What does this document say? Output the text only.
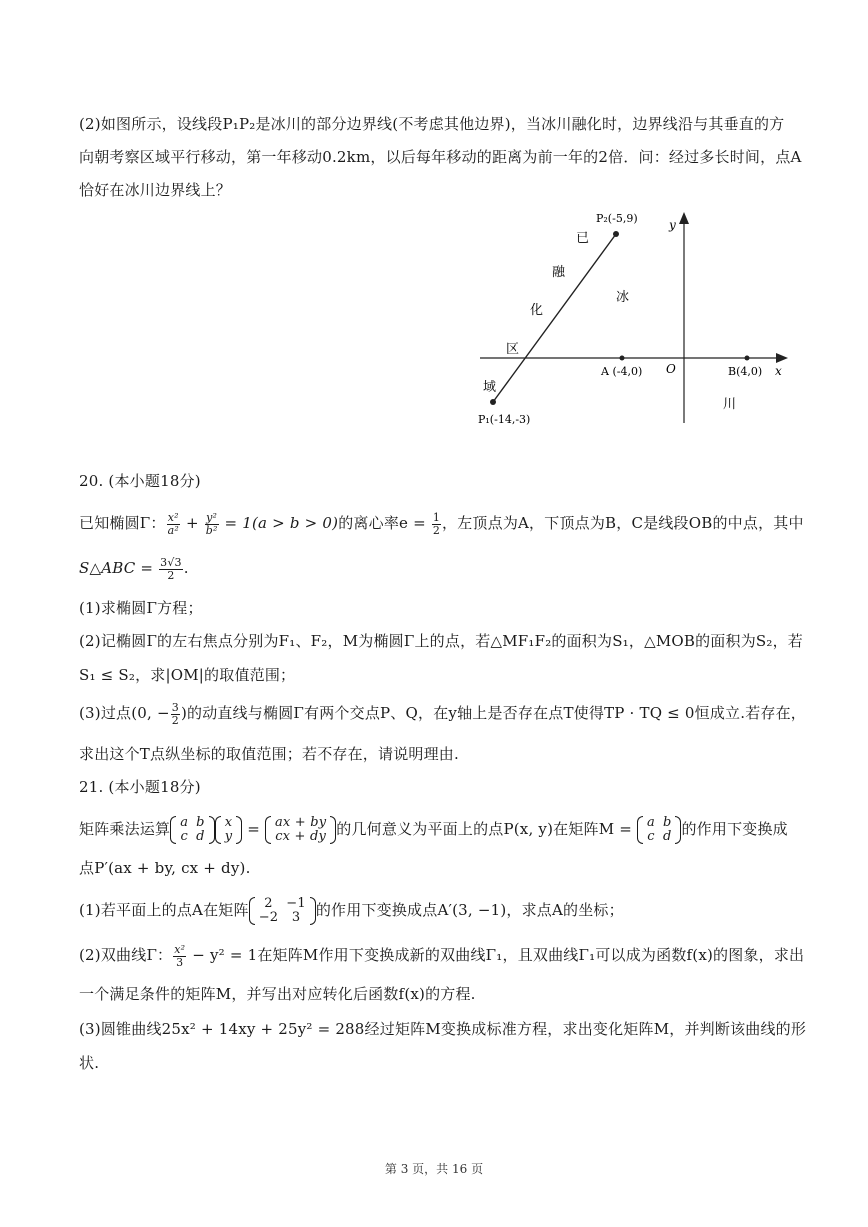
(2)如图所示，设线段P₁P₂是冰川的部分边界线(不考虑其他边界)，当冰川融化时，边界线沿与其垂直的方
向朝考察区域平行移动，第一年移动0.2km，以后每年移动的距离为前一年的2倍．问：经过多长时间，点A
恰好在冰川边界线上？
y
x
O
P₂(-5,9)
P₁(-14,-3)
A (-4,0)	B(4,0)
已
融
化
区
域
冰
川
20. (本小题18分)
已知椭圆Γ： $\frac{\text{x²}}{\text{a²}} + \frac{\text{y²}}{\text{b²}} = 1(a > b > 0)$的离心率$e = \frac{1}{2}$ ，左顶点为A，下顶点为B，C是线段OB的中点，其中
S△ABC = $\frac{3√3}{2}$ .
(1)求椭圆Γ方程；
(2)记椭圆Γ的左右焦点分别为F₁、F₂，M为椭圆Γ上的点，若△MF₁F₂的面积为S₁，△MOB的面积为S₂，若
S₁ ≤ S₂，求|OM|的取值范围；
(3)过点(0, − $\frac{3}{2}$ )的动直线与椭圆Γ有两个交点P、Q，在y轴上是否存在点T使得TP · TQ ≤ 0恒成立.若存在，
求出这个T点纵坐标的取值范围；若不存在，请说明理由.
21. (本小题18分)
矩阵乘法运算 a	b
c	d
x
y = ax + by
cx + dy 的几何意义为平面上的点P(x, y)在矩阵M = a	b
c	d 的作用下变换成
点P′(ax + by, cx + dy).
(1)若平面上的点A在矩阵 2	−1
−2	3 的作用下变换成点A′(3, −1)，求点A的坐标；
(2)双曲线Γ： $\frac{\text{x²}}{3} - y^2 = 1$在矩阵M作用下变换成新的双曲线Γ₁，且双曲线Γ₁可以成为函数f(x)的图象，求出
一个满足条件的矩阵M，并写出对应转化后函数f(x)的方程.
(3)圆锥曲线25x² + 14xy + 25y² = 288经过矩阵M变换成标准方程，求出变化矩阵M，并判断该曲线的形
状.
第 3 页，共 16 页
